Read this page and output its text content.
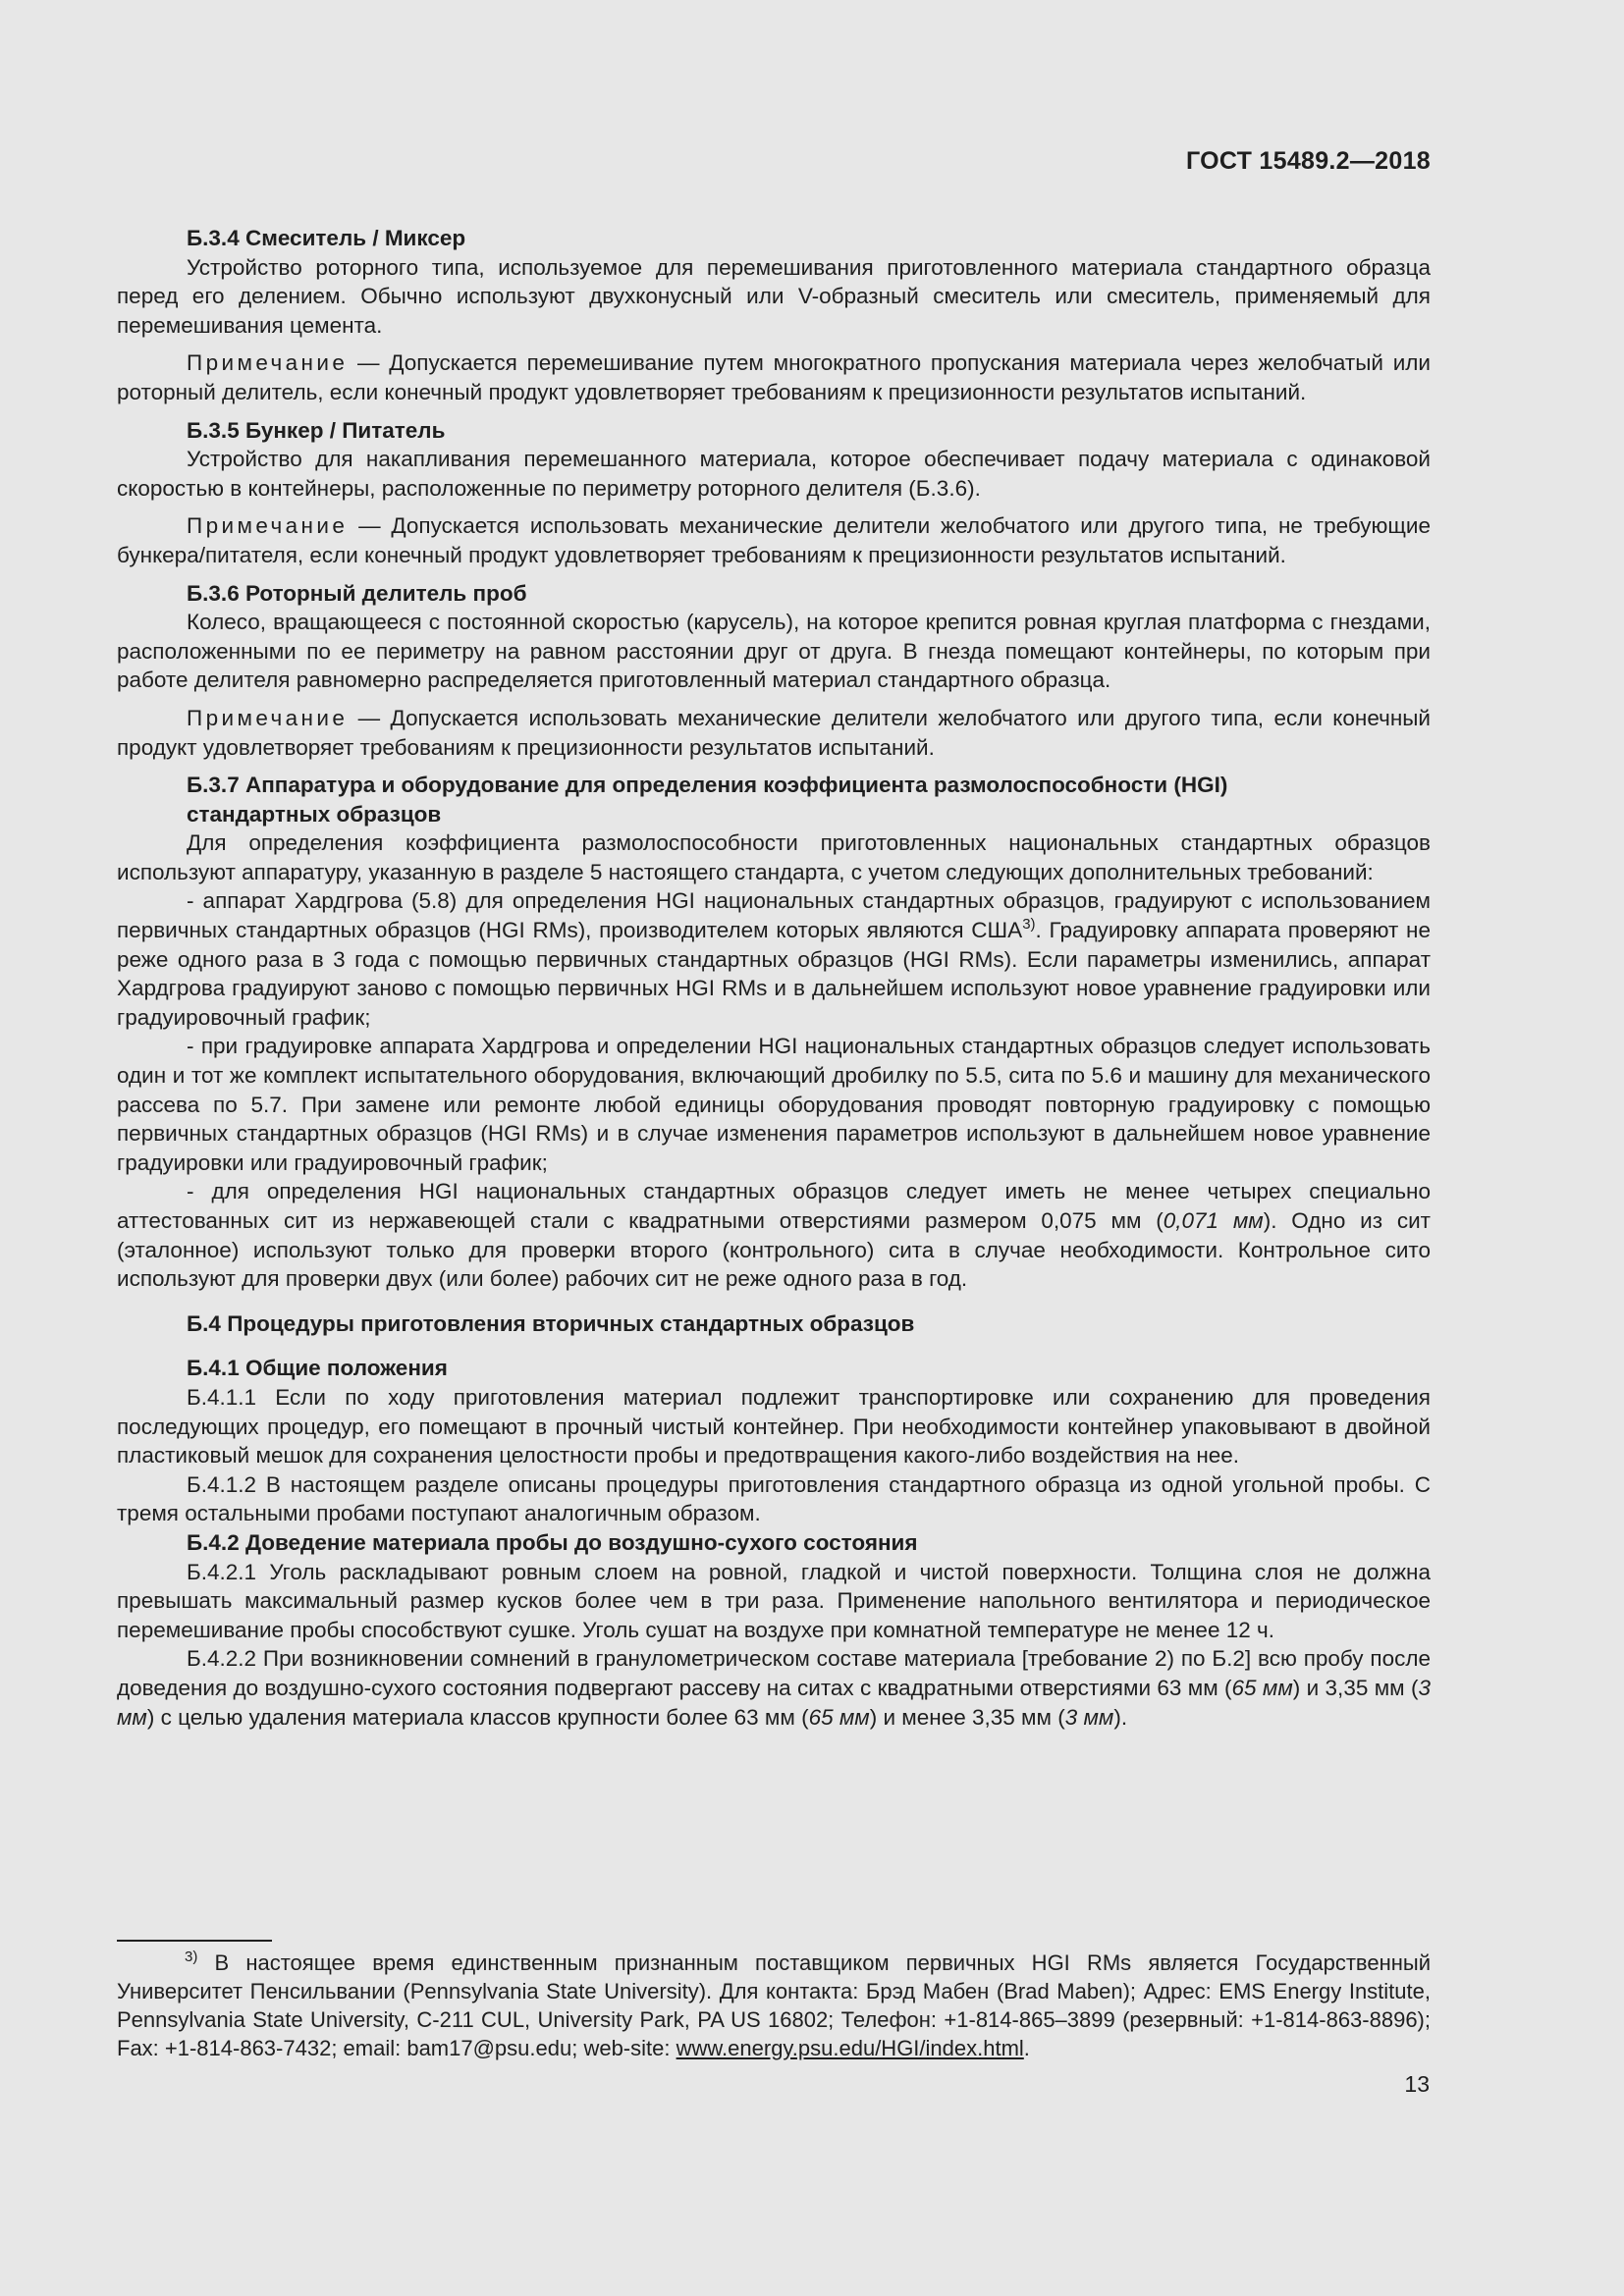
ГОСТ 15489.2—2018

Б.3.4 Смеситель / Миксер

Устройство роторного типа, используемое для перемешивания приготовленного материала стандартного образца перед его делением. Обычно используют двухконусный или V-образный смеситель или смеситель, применяемый для перемешивания цемента.

Примечание — Допускается перемешивание путем многократного пропускания материала через желобчатый или роторный делитель, если конечный продукт удовлетворяет требованиям к прецизионности результатов испытаний.

Б.3.5 Бункер / Питатель

Устройство для накапливания перемешанного материала, которое обеспечивает подачу материала с одинаковой скоростью в контейнеры, расположенные по периметру роторного делителя (Б.3.6).

Примечание — Допускается использовать механические делители желобчатого или другого типа, не требующие бункера/питателя, если конечный продукт удовлетворяет требованиям к прецизионности результатов испытаний.

Б.3.6 Роторный делитель проб

Колесо, вращающееся с постоянной скоростью (карусель), на которое крепится ровная круглая платформа с гнездами, расположенными по ее периметру на равном расстоянии друг от друга. В гнезда помещают контейнеры, по которым при работе делителя равномерно распределяется приготовленный материал стандартного образца.

Примечание — Допускается использовать механические делители желобчатого или другого типа, если конечный продукт удовлетворяет требованиям к прецизионности результатов испытаний.

Б.3.7 Аппаратура и оборудование для определения коэффициента размолоспособности (HGI)

стандартных образцов

Для определения коэффициента размолоспособности приготовленных национальных стандартных образцов используют аппаратуру, указанную в разделе 5 настоящего стандарта, с учетом следующих дополнительных требований:

- аппарат Хардгрова (5.8) для определения HGI национальных стандартных образцов, градуируют с использованием первичных стандартных образцов (HGI RMs), производителем которых являются США$^{3)}$. Градуировку аппарата проверяют не реже одного раза в 3 года с помощью первичных стандартных образцов (HGI RMs). Если параметры изменились, аппарат Хардгрова градуируют заново с помощью первичных HGI RMs и в дальнейшем используют новое уравнение градуировки или градуировочный график;

- при градуировке аппарата Хардгрова и определении HGI национальных стандартных образцов следует использовать один и тот же комплект испытательного оборудования, включающий дробилку по 5.5, сита по 5.6 и машину для механического рассева по 5.7. При замене или ремонте любой единицы оборудования проводят повторную градуировку с помощью первичных стандартных образцов (HGI RMs) и в случае изменения параметров используют в дальнейшем новое уравнение градуировки или градуировочный график;

- для определения HGI национальных стандартных образцов следует иметь не менее четырех специально аттестованных сит из нержавеющей стали с квадратными отверстиями размером 0,075 мм (0,071 мм). Одно из сит (эталонное) используют только для проверки второго (контрольного) сита в случае необходимости. Контрольное сито используют для проверки двух (или более) рабочих сит не реже одного раза в год.

Б.4 Процедуры приготовления вторичных стандартных образцов

Б.4.1 Общие положения

Б.4.1.1 Если по ходу приготовления материал подлежит транспортировке или сохранению для проведения последующих процедур, его помещают в прочный чистый контейнер. При необходимости контейнер упаковывают в двойной пластиковый мешок для сохранения целостности пробы и предотвращения какого-либо воздействия на нее.

Б.4.1.2 В настоящем разделе описаны процедуры приготовления стандартного образца из одной угольной пробы. С тремя остальными пробами поступают аналогичным образом.

Б.4.2 Доведение материала пробы до воздушно-сухого состояния

Б.4.2.1 Уголь раскладывают ровным слоем на ровной, гладкой и чистой поверхности. Толщина слоя не должна превышать максимальный размер кусков более чем в три раза. Применение напольного вентилятора и периодическое перемешивание пробы способствуют сушке. Уголь сушат на воздухе при комнатной температуре не менее 12 ч.

Б.4.2.2 При возникновении сомнений в гранулометрическом составе материала [требование 2) по Б.2] всю пробу после доведения до воздушно-сухого состояния подвергают рассеву на ситах с квадратными отверстиями 63 мм (65 мм) и 3,35 мм (3 мм) с целью удаления материала классов крупности более 63 мм (65 мм) и менее 3,35 мм (3 мм).

$^{3)}$ В настоящее время единственным признанным поставщиком первичных HGI RMs является Государственный Университет Пенсильвании (Pennsylvania State University). Для контакта: Брэд Мабен (Brad Maben); Адрес: EMS Energy Institute, Pennsylvania State University, C-211 CUL, University Park, PA US 16802; Телефон: +1-814-865–3899 (резервный: +1-814-863-8896); Fax: +1-814-863-7432; email: bam17@psu.edu; web-site: www.energy.psu.edu/HGI/index.html.

13
